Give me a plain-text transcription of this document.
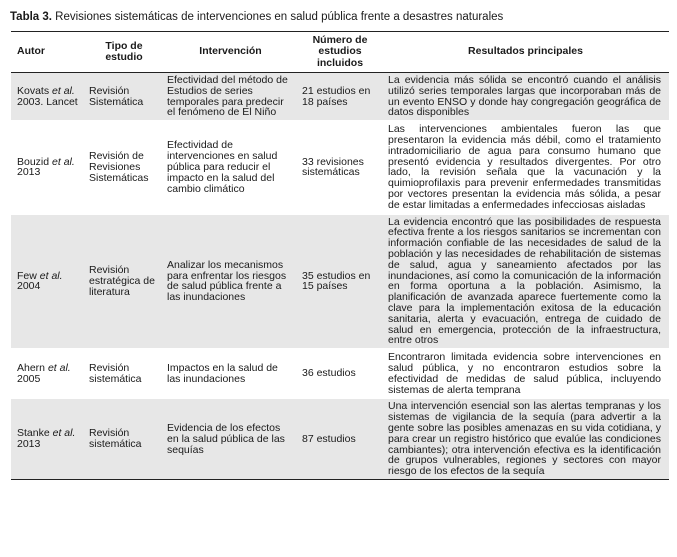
Tabla 3. Revisiones sistemáticas de intervenciones en salud pública frente a desastres naturales
Autor	Tipo de estudio	Intervención	Número de estudios incluidos	Resultados principales
Kovats et al. 2003. Lancet	Revisión Sistemática	Efectividad del método de Estudios de series temporales para predecir el fenómeno de El Niño	21 estudios en 18 países	La evidencia más sólida se encontró cuando el análisis utilizó series temporales largas que incorporaban más de un evento ENSO y donde hay congregación geográfica de datos disponibles
Bouzid et al. 2013	Revisión de Revisiones Sistemáticas	Efectividad de intervenciones en salud pública para reducir el impacto en la salud del cambio climático	33 revisiones sistemáticas	Las intervenciones ambientales fueron las que presentaron la evidencia más débil, como el tratamiento intradomiciliario de agua para consumo humano que presentó evidencia y resultados divergentes. Por otro lado, la revisión señala que la vacunación y la quimioprofilaxis para prevenir enfermedades transmitidas por vectores presentan la evidencia más sólida, a pesar de estar limitadas a enfermedades infecciosas aisladas
Few et al. 2004	Revisión estratégica de literatura	Analizar los mecanismos para enfrentar los riesgos de salud pública frente a las inundaciones	35 estudios en 15 países	La evidencia encontró que las posibilidades de respuesta efectiva frente a los riesgos sanitarios se incrementan con información confiable de las necesidades de salud de la población y las necesidades de rehabilitación de sistemas de salud, agua y saneamiento afectados por las inundaciones, así como la comunicación de la información en forma oportuna a la población. Asimismo, la planificación de avanzada aparece fuertemente como la clave para la implementación exitosa de la educación sanitaria, alerta y evacuación, entrega de cuidado de salud en emergencia, protección de la infraestructura, entre otros
Ahern et al. 2005	Revisión sistemática	Impactos en la salud de las inundaciones	36 estudios	Encontraron limitada evidencia sobre intervenciones en salud pública, y no encontraron estudios sobre la efectividad de medidas de salud pública, incluyendo sistemas de alerta temprana
Stanke et al. 2013	Revisión sistemática	Evidencia de los efectos en la salud pública de las sequías	87 estudios	Una intervención esencial son las alertas tempranas y los sistemas de vigilancia de la sequía (para advertir a la gente sobre las posibles amenazas en su vida cotidiana, y para crear un registro histórico que evalúe las condiciones cambiantes); otra intervención efectiva es la identificación de grupos vulnerables, regiones y sectores con mayor riesgo de los efectos de la sequía
